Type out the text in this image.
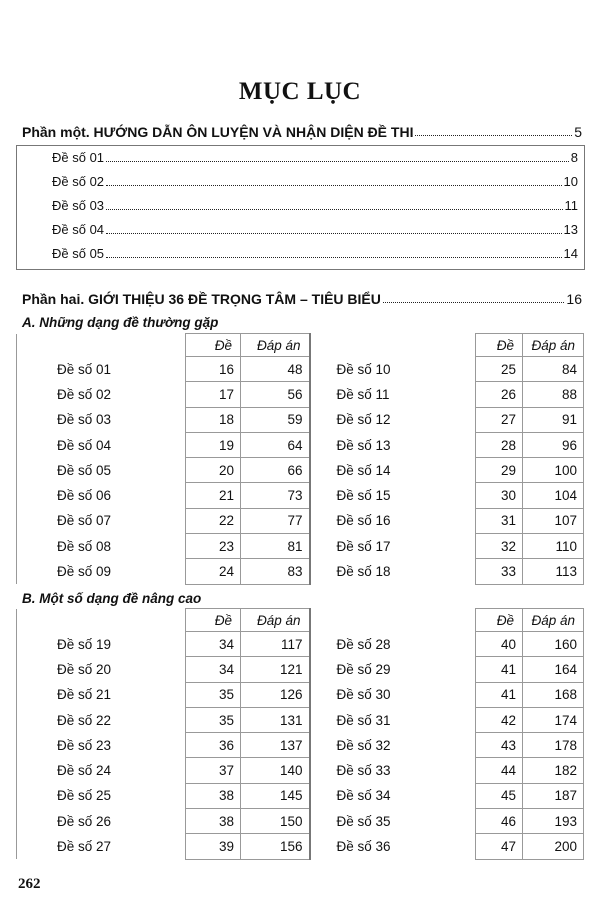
MỤC LỤC
Phần một. HƯỚNG DẪN ÔN LUYỆN VÀ NHẬN DIỆN ĐỀ THI	5
Đề số 01	8
Đề số 02	10
Đề số 03	11
Đề số 04	13
Đề số 05	14
Phần hai. GIỚI THIỆU 36 ĐỀ TRỌNG TÂM – TIÊU BIỂU	16
A. Những dạng đề thường gặp
	Đề	Đáp án		Đề	Đáp án
Đề số 01	16	48	Đề số 10	25	84
Đề số 02	17	56	Đề số 11	26	88
Đề số 03	18	59	Đề số 12	27	91
Đề số 04	19	64	Đề số 13	28	96
Đề số 05	20	66	Đề số 14	29	100
Đề số 06	21	73	Đề số 15	30	104
Đề số 07	22	77	Đề số 16	31	107
Đề số 08	23	81	Đề số 17	32	110
Đề số 09	24	83	Đề số 18	33	113
B. Một số dạng đề nâng cao
	Đề	Đáp án		Đề	Đáp án
Đề số 19	34	117	Đề số 28	40	160
Đề số 20	34	121	Đề số 29	41	164
Đề số 21	35	126	Đề số 30	41	168
Đề số 22	35	131	Đề số 31	42	174
Đề số 23	36	137	Đề số 32	43	178
Đề số 24	37	140	Đề số 33	44	182
Đề số 25	38	145	Đề số 34	45	187
Đề số 26	38	150	Đề số 35	46	193
Đề số 27	39	156	Đề số 36	47	200
262
